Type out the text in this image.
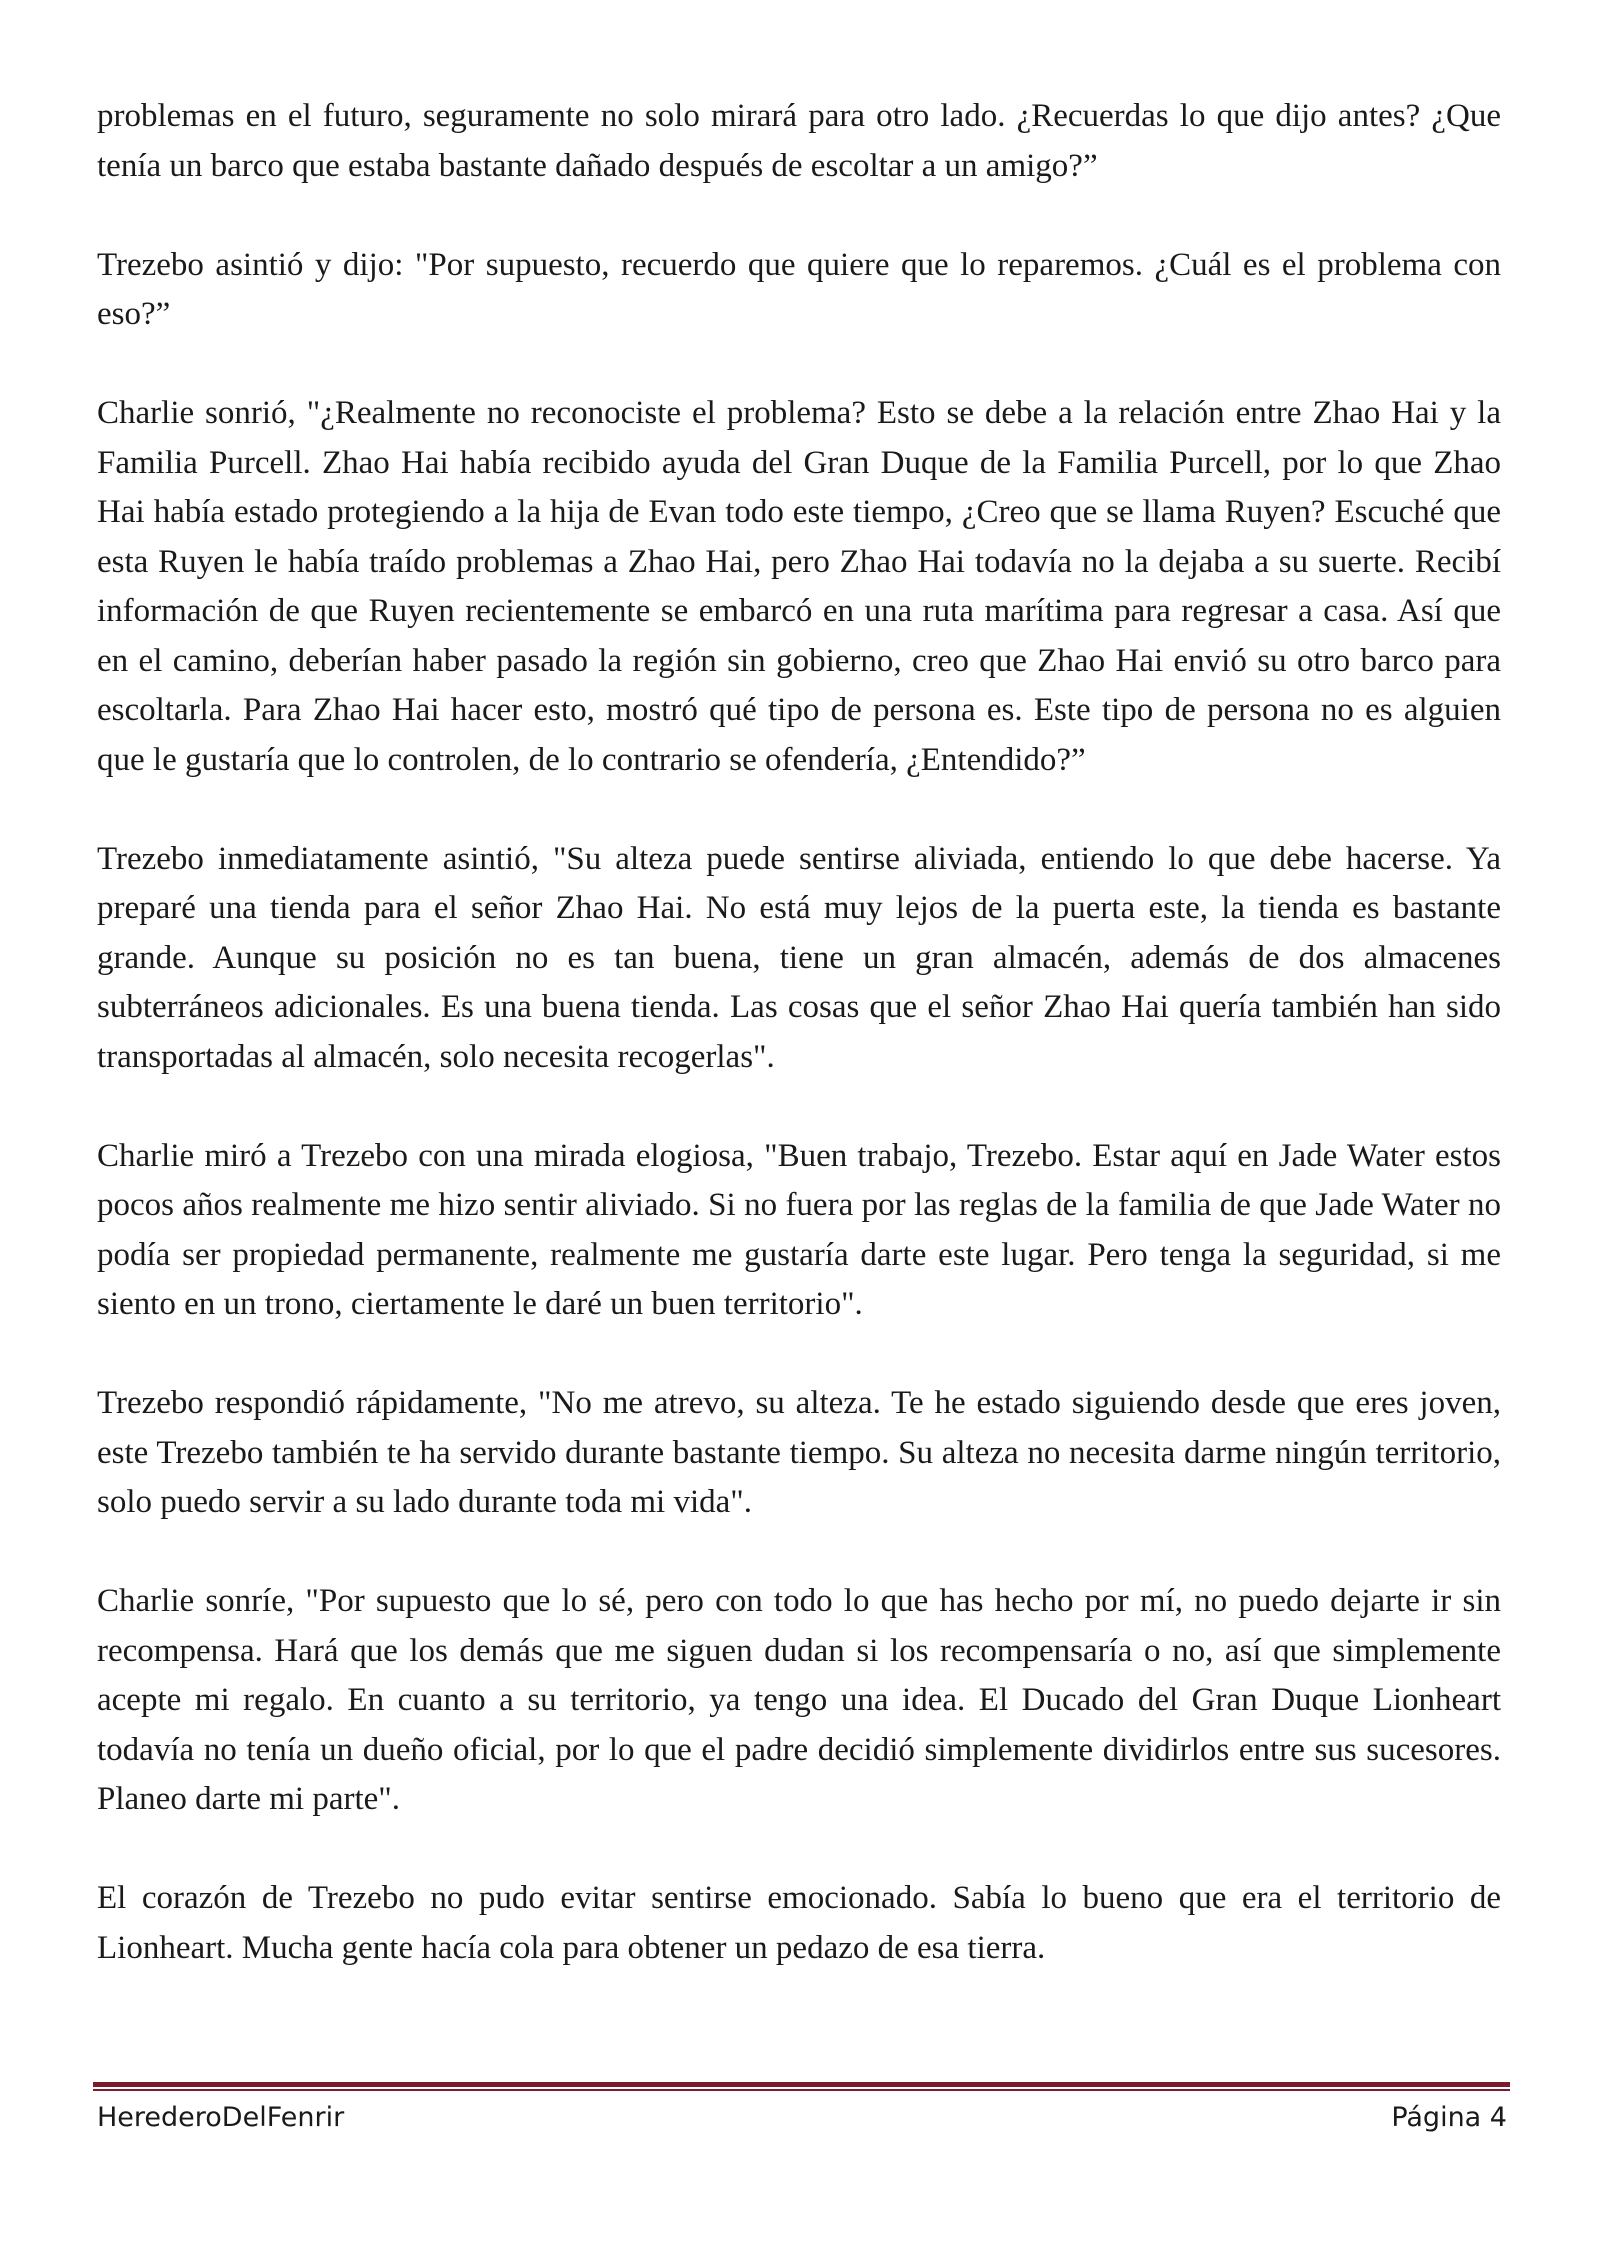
problemas en el futuro, seguramente no solo mirará para otro lado. ¿Recuerdas lo que dijo antes? ¿Que tenía un barco que estaba bastante dañado después de escoltar a un amigo?”

Trezebo asintió y dijo: "Por supuesto, recuerdo que quiere que lo reparemos. ¿Cuál es el problema con eso?”

Charlie sonrió, "¿Realmente no reconociste el problema? Esto se debe a la relación entre Zhao Hai y la Familia Purcell. Zhao Hai había recibido ayuda del Gran Duque de la Familia Purcell, por lo que Zhao Hai había estado protegiendo a la hija de Evan todo este tiempo, ¿Creo que se llama Ruyen? Escuché que esta Ruyen le había traído problemas a Zhao Hai, pero Zhao Hai todavía no la dejaba a su suerte. Recibí información de que Ruyen recientemente se embarcó en una ruta marítima para regresar a casa. Así que en el camino, deberían haber pasado la región sin gobierno, creo que Zhao Hai envió su otro barco para escoltarla. Para Zhao Hai hacer esto, mostró qué tipo de persona es. Este tipo de persona no es alguien que le gustaría que lo controlen, de lo contrario se ofendería, ¿Entendido?”

Trezebo inmediatamente asintió, "Su alteza puede sentirse aliviada, entiendo lo que debe hacerse. Ya preparé una tienda para el señor Zhao Hai. No está muy lejos de la puerta este, la tienda es bastante grande. Aunque su posición no es tan buena, tiene un gran almacén, además de dos almacenes subterráneos adicionales. Es una buena tienda. Las cosas que el señor Zhao Hai quería también han sido transportadas al almacén, solo necesita recogerlas".

Charlie miró a Trezebo con una mirada elogiosa, "Buen trabajo, Trezebo. Estar aquí en Jade Water estos pocos años realmente me hizo sentir aliviado. Si no fuera por las reglas de la familia de que Jade Water no podía ser propiedad permanente, realmente me gustaría darte este lugar. Pero tenga la seguridad, si me siento en un trono, ciertamente le daré un buen territorio".

Trezebo respondió rápidamente, "No me atrevo, su alteza. Te he estado siguiendo desde que eres joven, este Trezebo también te ha servido durante bastante tiempo. Su alteza no necesita darme ningún territorio, solo puedo servir a su lado durante toda mi vida".

Charlie sonríe, "Por supuesto que lo sé, pero con todo lo que has hecho por mí, no puedo dejarte ir sin recompensa. Hará que los demás que me siguen dudan si los recompensaría o no, así que simplemente acepte mi regalo. En cuanto a su territorio, ya tengo una idea. El Ducado del Gran Duque Lionheart todavía no tenía un dueño oficial, por lo que el padre decidió simplemente dividirlos entre sus sucesores. Planeo darte mi parte".

El corazón de Trezebo no pudo evitar sentirse emocionado. Sabía lo bueno que era el territorio de Lionheart. Mucha gente hacía cola para obtener un pedazo de esa tierra.

HerederoDelFenrir	Página 4
